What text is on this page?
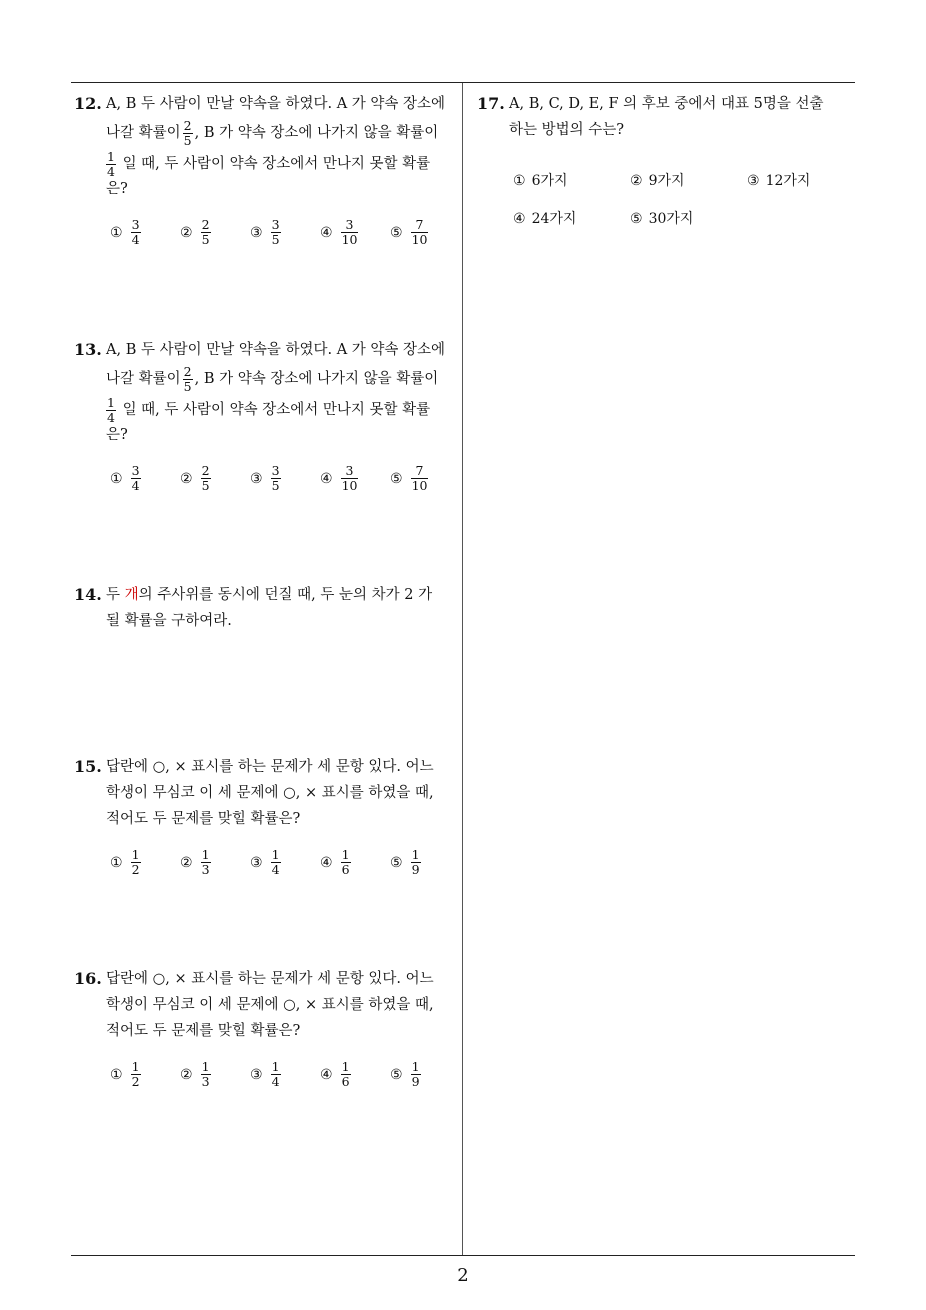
12. A, B 두 사람이 만날 약속을 하였다. A 가 약속 장소에
나갈 확률이 $\frac{2}{5}$ , B 가 약속 장소에 나가지 않을 확률이
$\frac{1}{4}$ 일 때, 두 사람이 약속 장소에서 만나지 못할 확률
은?
① $\frac{3}{4}$	② $\frac{2}{5}$	③ $\frac{3}{5}$	④ $\frac{3}{10}$ ⑤ $\frac{7}{10}$
13. A, B 두 사람이 만날 약속을 하였다. A 가 약속 장소에
나갈 확률이 $\frac{2}{5}$ , B 가 약속 장소에 나가지 않을 확률이
$\frac{1}{4}$ 일 때, 두 사람이 약속 장소에서 만나지 못할 확률
은?
① $\frac{3}{4}$	② $\frac{2}{5}$	③ $\frac{3}{5}$	④ $\frac{3}{10}$ ⑤ $\frac{7}{10}$
14. 두 개의 주사위를 동시에 던질 때, 두 눈의 차가 2 가
될 확률을 구하여라.
15. 답란에 ○, × 표시를 하는 문제가 세 문항 있다. 어느
학생이 무심코 이 세 문제에 ○, × 표시를 하였을 때,
적어도 두 문제를 맞힐 확률은?
① $\frac{1}{2}$	② $\frac{1}{3}$	③ $\frac{1}{4}$	④ $\frac{1}{6}$	⑤ $\frac{1}{9}$
16. 답란에 ○, × 표시를 하는 문제가 세 문항 있다. 어느
학생이 무심코 이 세 문제에 ○, × 표시를 하였을 때,
적어도 두 문제를 맞힐 확률은?
① $\frac{1}{2}$	② $\frac{1}{3}$	③ $\frac{1}{4}$	④ $\frac{1}{6}$	⑤ $\frac{1}{9}$
17. A, B, C, D, E, F 의 후보 중에서 대표 5명을 선출
하는 방법의 수는?
① 6가지	② 9가지	③ 12가지
④ 24가지	⑤ 30가지
2
